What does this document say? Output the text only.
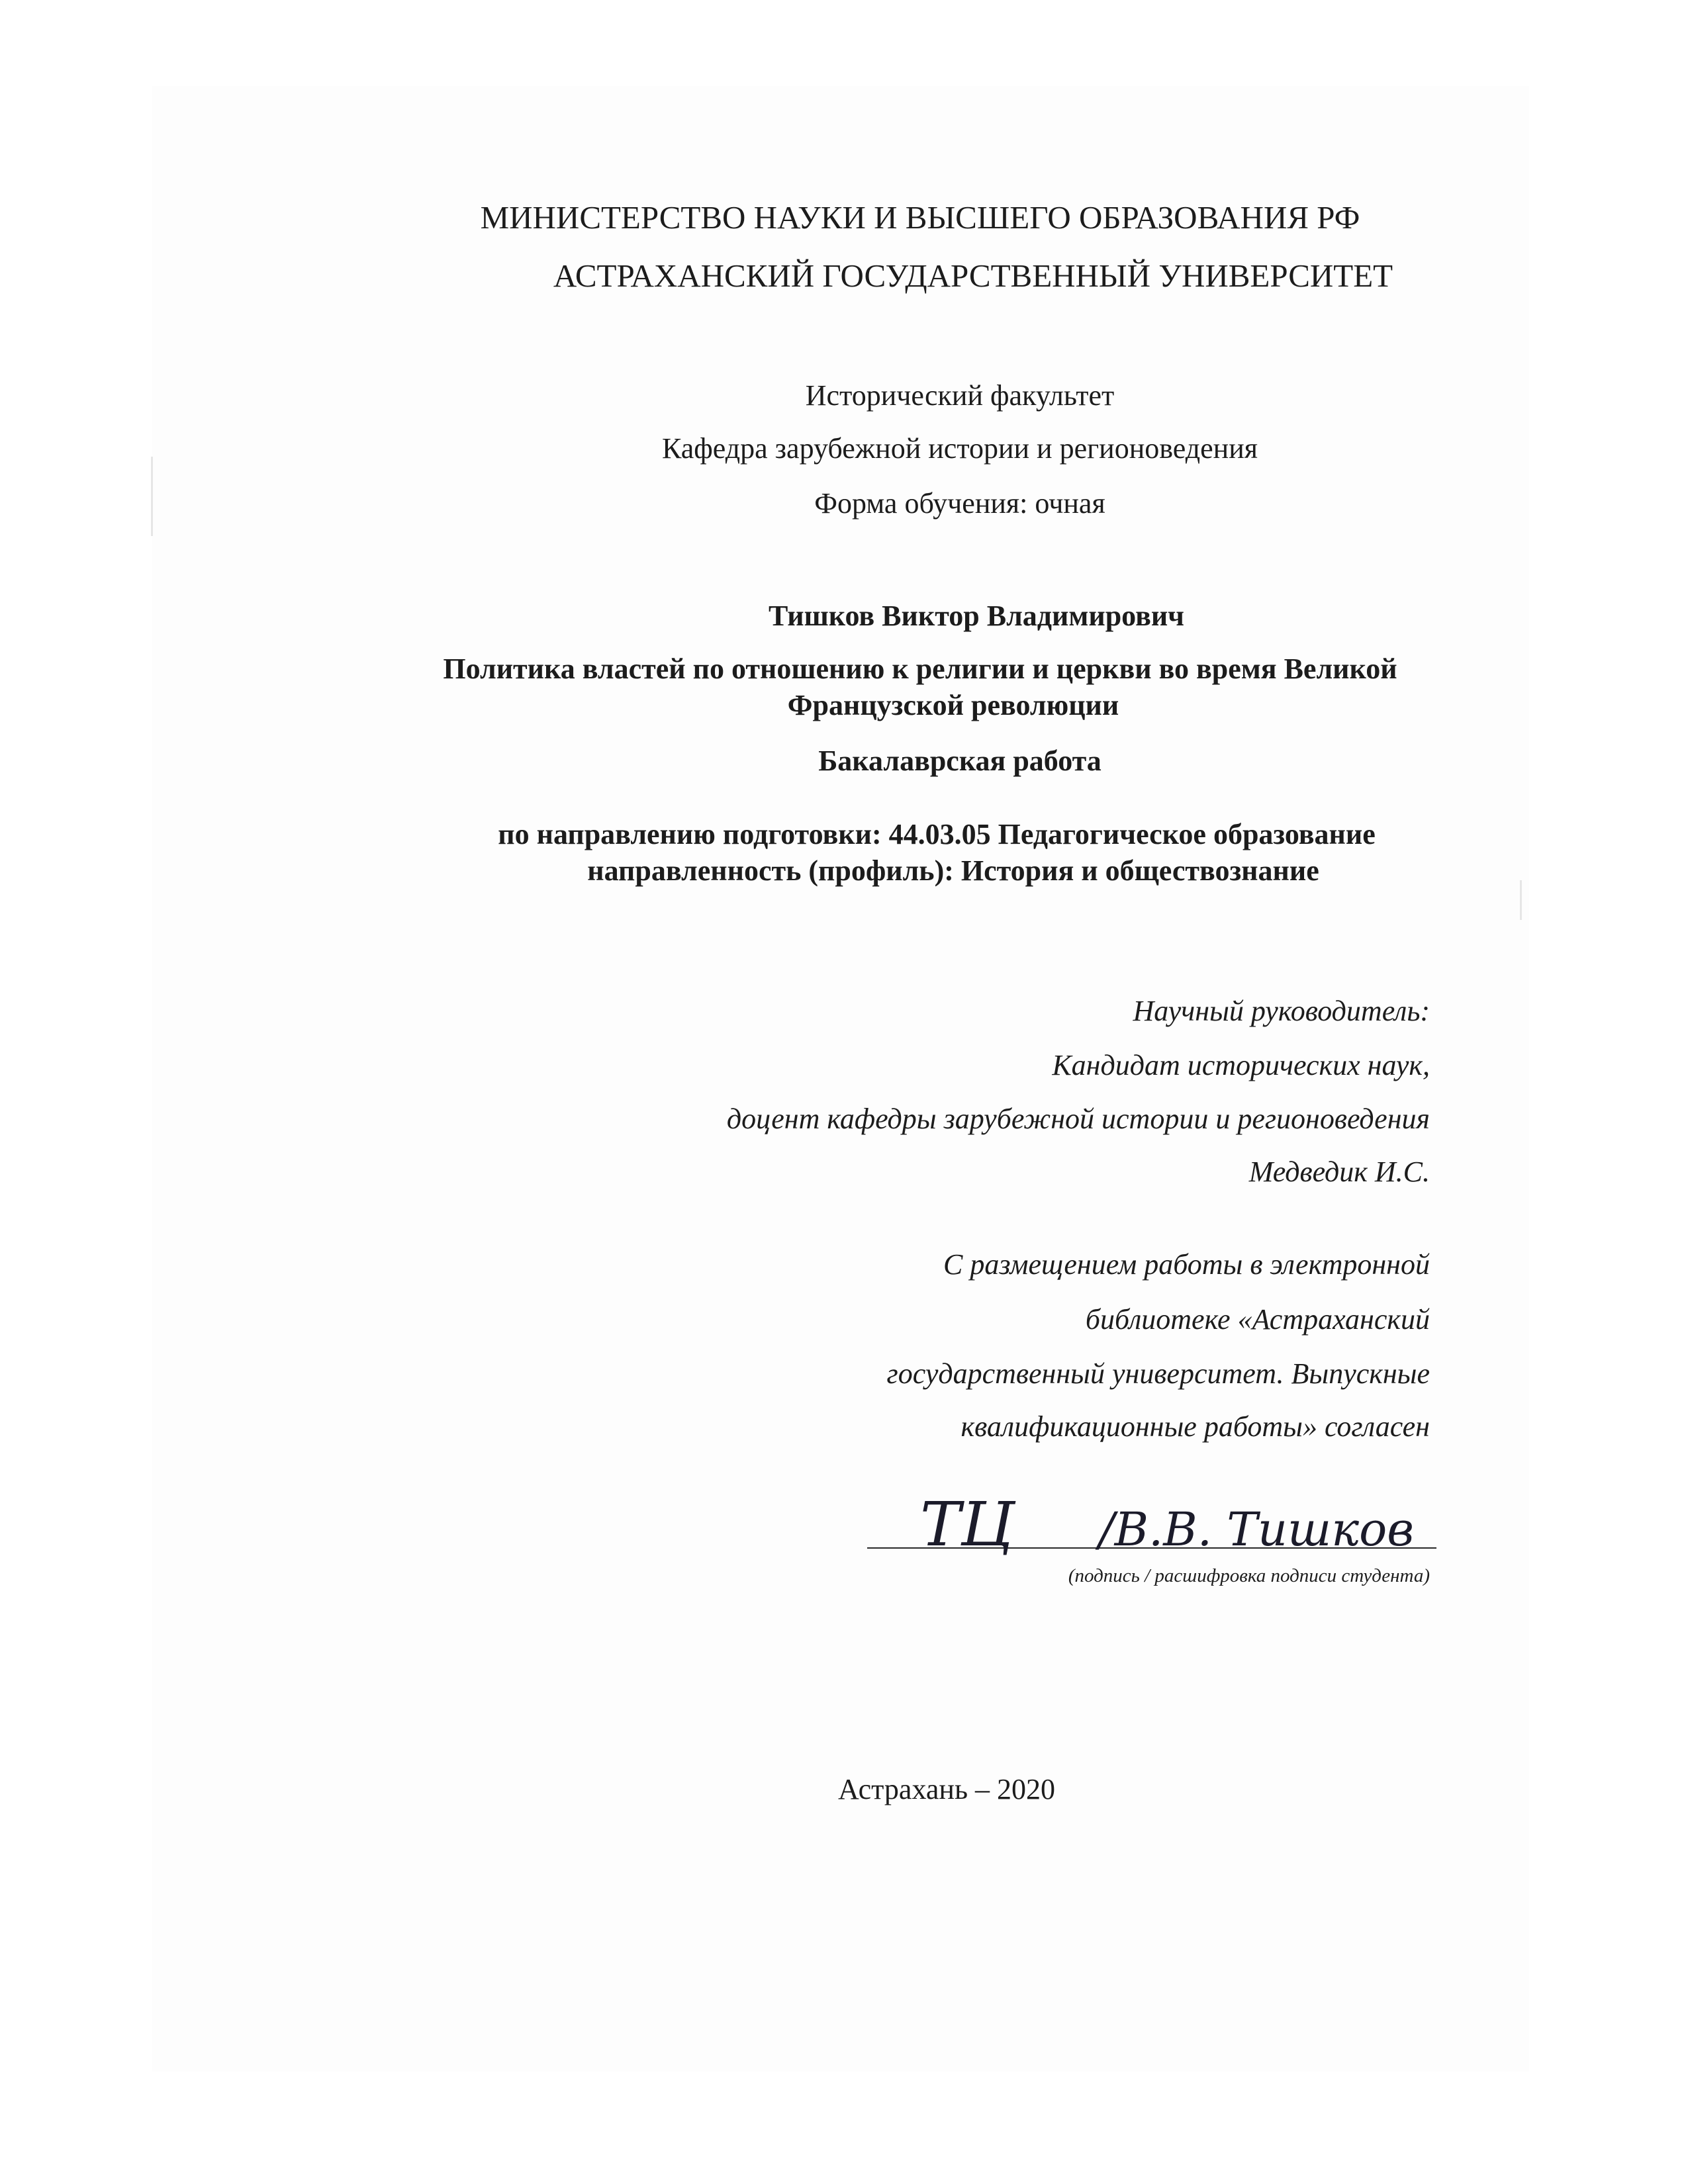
МИНИСТЕРСТВО НАУКИ И ВЫСШЕГО ОБРАЗОВАНИЯ РФ
АСТРАХАНСКИЙ ГОСУДАРСТВЕННЫЙ УНИВЕРСИТЕТ
Исторический факультет
Кафедра зарубежной истории и регионоведения
Форма обучения: очная
Тишков Виктор Владимирович
Политика властей по отношению к религии и церкви во время Великой
Французской революции
Бакалаврская работа
по направлению подготовки: 44.03.05 Педагогическое образование
направленность (профиль): История и обществознание
Научный руководитель:
Кандидат исторических наук,
доцент кафедры зарубежной истории и регионоведения
Медведик И.С.
С размещением работы в электронной
библиотеке «Астраханский
государственный университет. Выпускные
квалификационные работы» согласен
ТЦ /В.В. Тишков
(подпись / расшифровка подписи студента)
Астрахань – 2020
